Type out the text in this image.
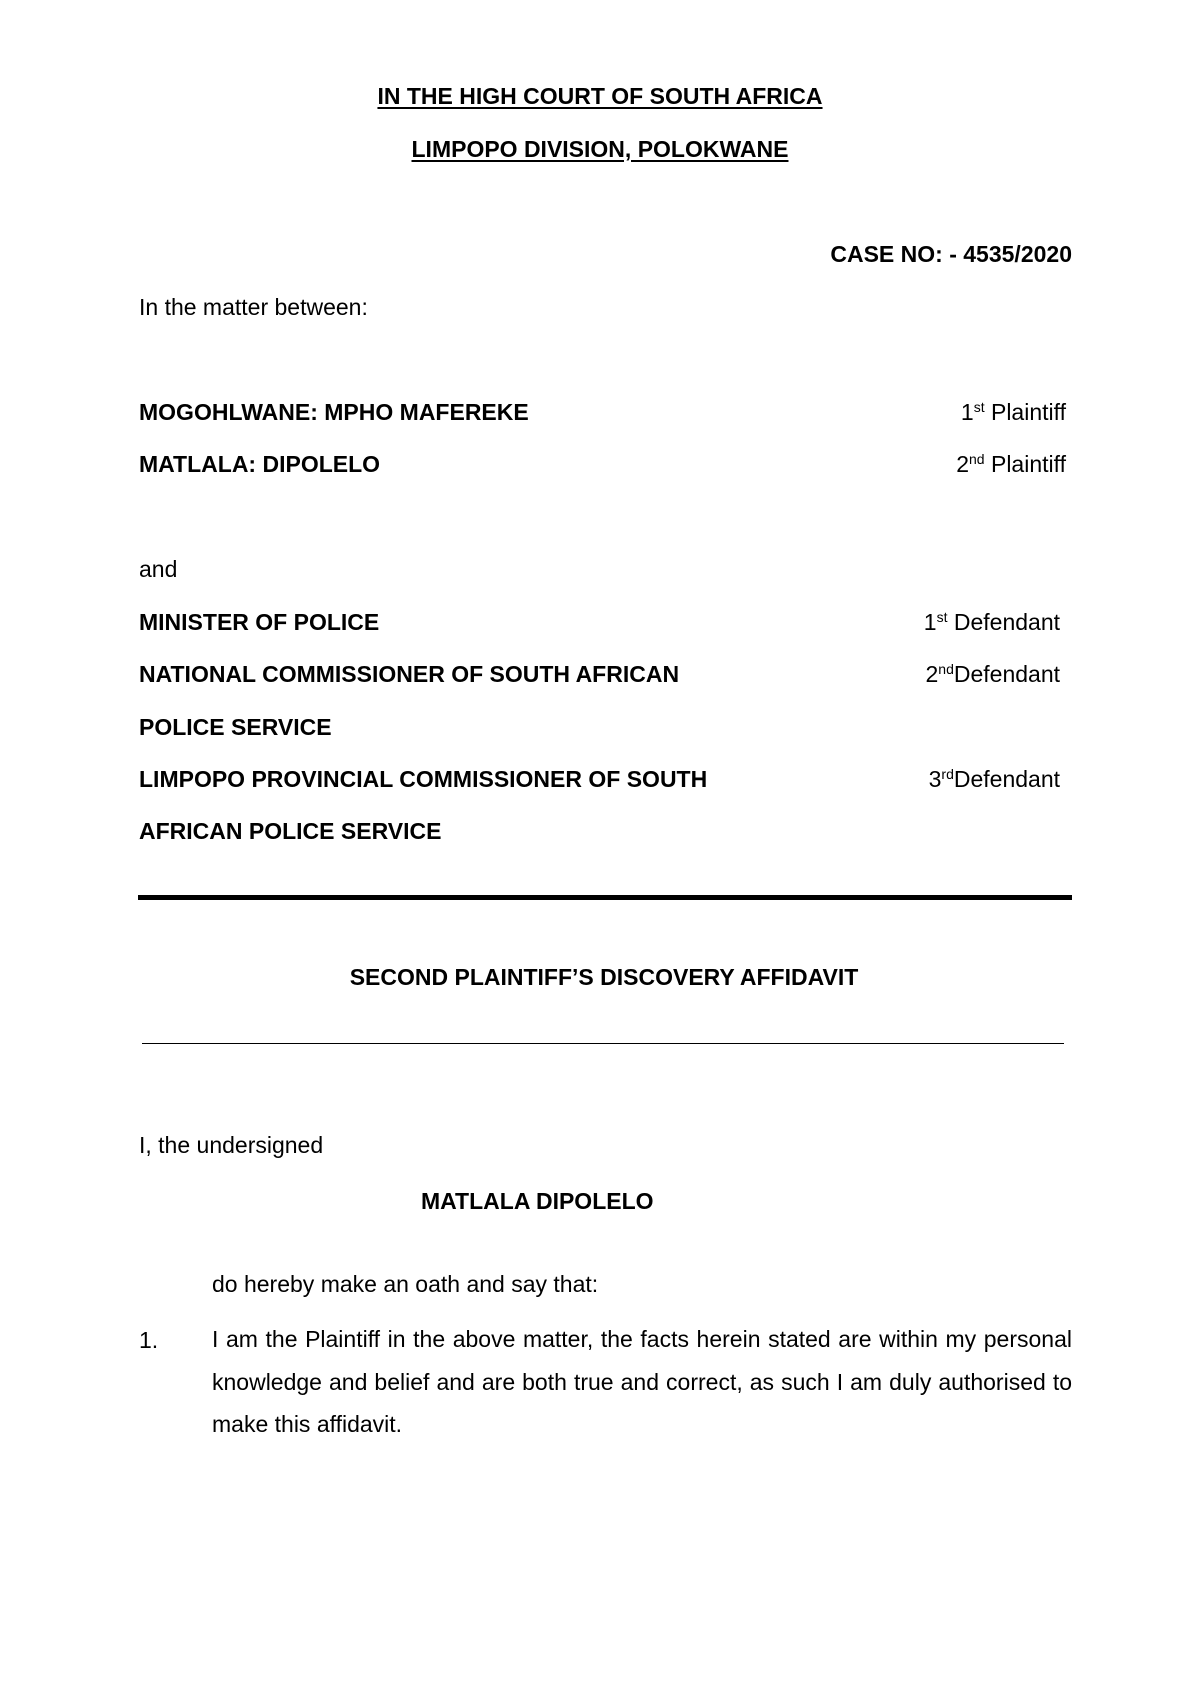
IN THE HIGH COURT OF SOUTH AFRICA
LIMPOPO DIVISION, POLOKWANE
CASE NO: - 4535/2020
In the matter between:
MOGOHLWANE: MPHO MAFEREKE	1st Plaintiff
MATLALA: DIPOLELO	2nd Plaintiff
and
MINISTER OF POLICE	1st Defendant
NATIONAL COMMISSIONER OF SOUTH AFRICAN	2ndDefendant
POLICE SERVICE
LIMPOPO PROVINCIAL COMMISSIONER OF SOUTH	3rdDefendant
AFRICAN POLICE SERVICE
SECOND PLAINTIFF’S DISCOVERY AFFIDAVIT
I, the undersigned
MATLALA DIPOLELO
do hereby make an oath and say that:
1. I am the Plaintiff in the above matter, the facts herein stated are within my personal knowledge and belief and are both true and correct, as such I am duly authorised to make this affidavit.
